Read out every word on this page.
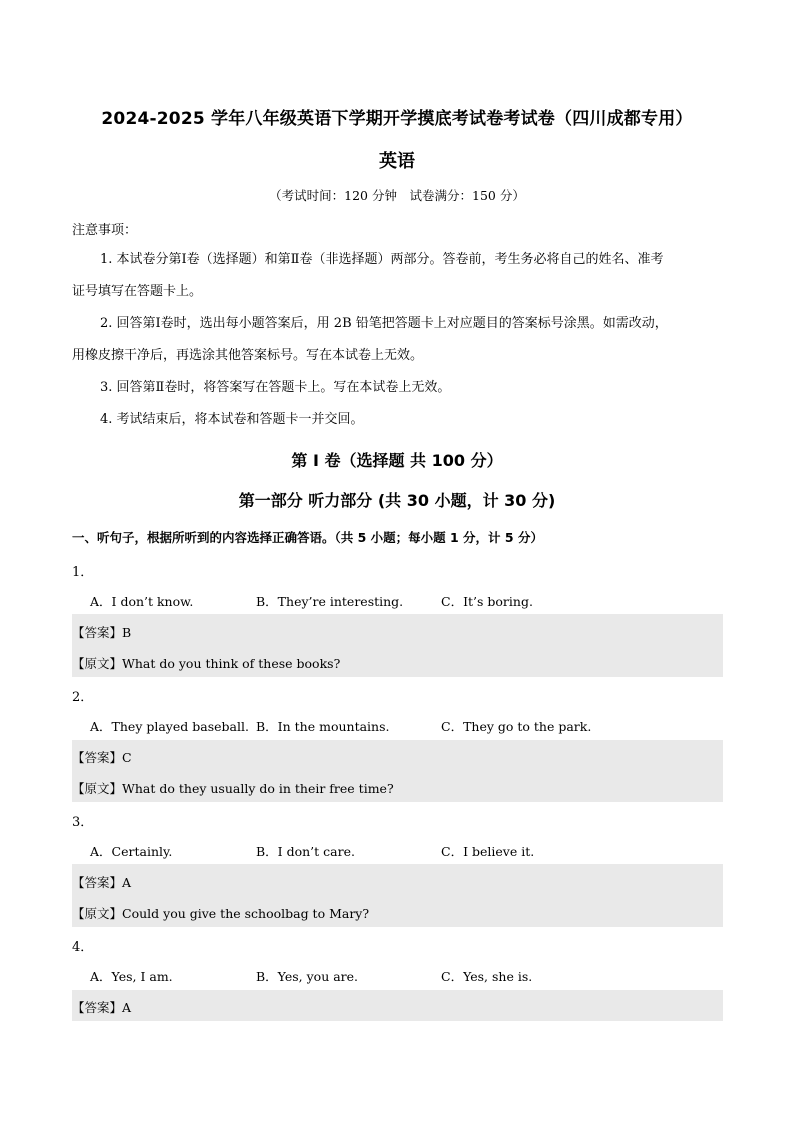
2024-2025 学年八年级英语下学期开学摸底考试卷考试卷（四川成都专用）
英语
（考试时间：120 分钟　试卷满分：150 分）
注意事项：
1. 本试卷分第Ⅰ卷（选择题）和第Ⅱ卷（非选择题）两部分。答卷前，考生务必将自己的姓名、准考
证号填写在答题卡上。
2. 回答第Ⅰ卷时，选出每小题答案后，用 2B 铅笔把答题卡上对应题目的答案标号涂黑。如需改动，
用橡皮擦干净后，再选涂其他答案标号。写在本试卷上无效。
3. 回答第Ⅱ卷时，将答案写在答题卡上。写在本试卷上无效。
4. 考试结束后，将本试卷和答题卡一并交回。
第 I 卷（选择题 共 100 分）
第一部分 听力部分 (共 30 小题，计 30 分)
一、听句子，根据所听到的内容选择正确答语。（共 5 小题；每小题 1 分，计 5 分）
1．
A．I don’t know.	B．They’re interesting.	C．It’s boring.
【答案】B
【原文】What do you think of these books?
2．
A．They played baseball. B．In the mountains.	C．They go to the park.
【答案】C
【原文】What do they usually do in their free time?
3．
A．Certainly.	B．I don’t care.	C．I believe it.
【答案】A
【原文】Could you give the schoolbag to Mary?
4．
A．Yes, I am.	B．Yes, you are.	C．Yes, she is.
【答案】A
